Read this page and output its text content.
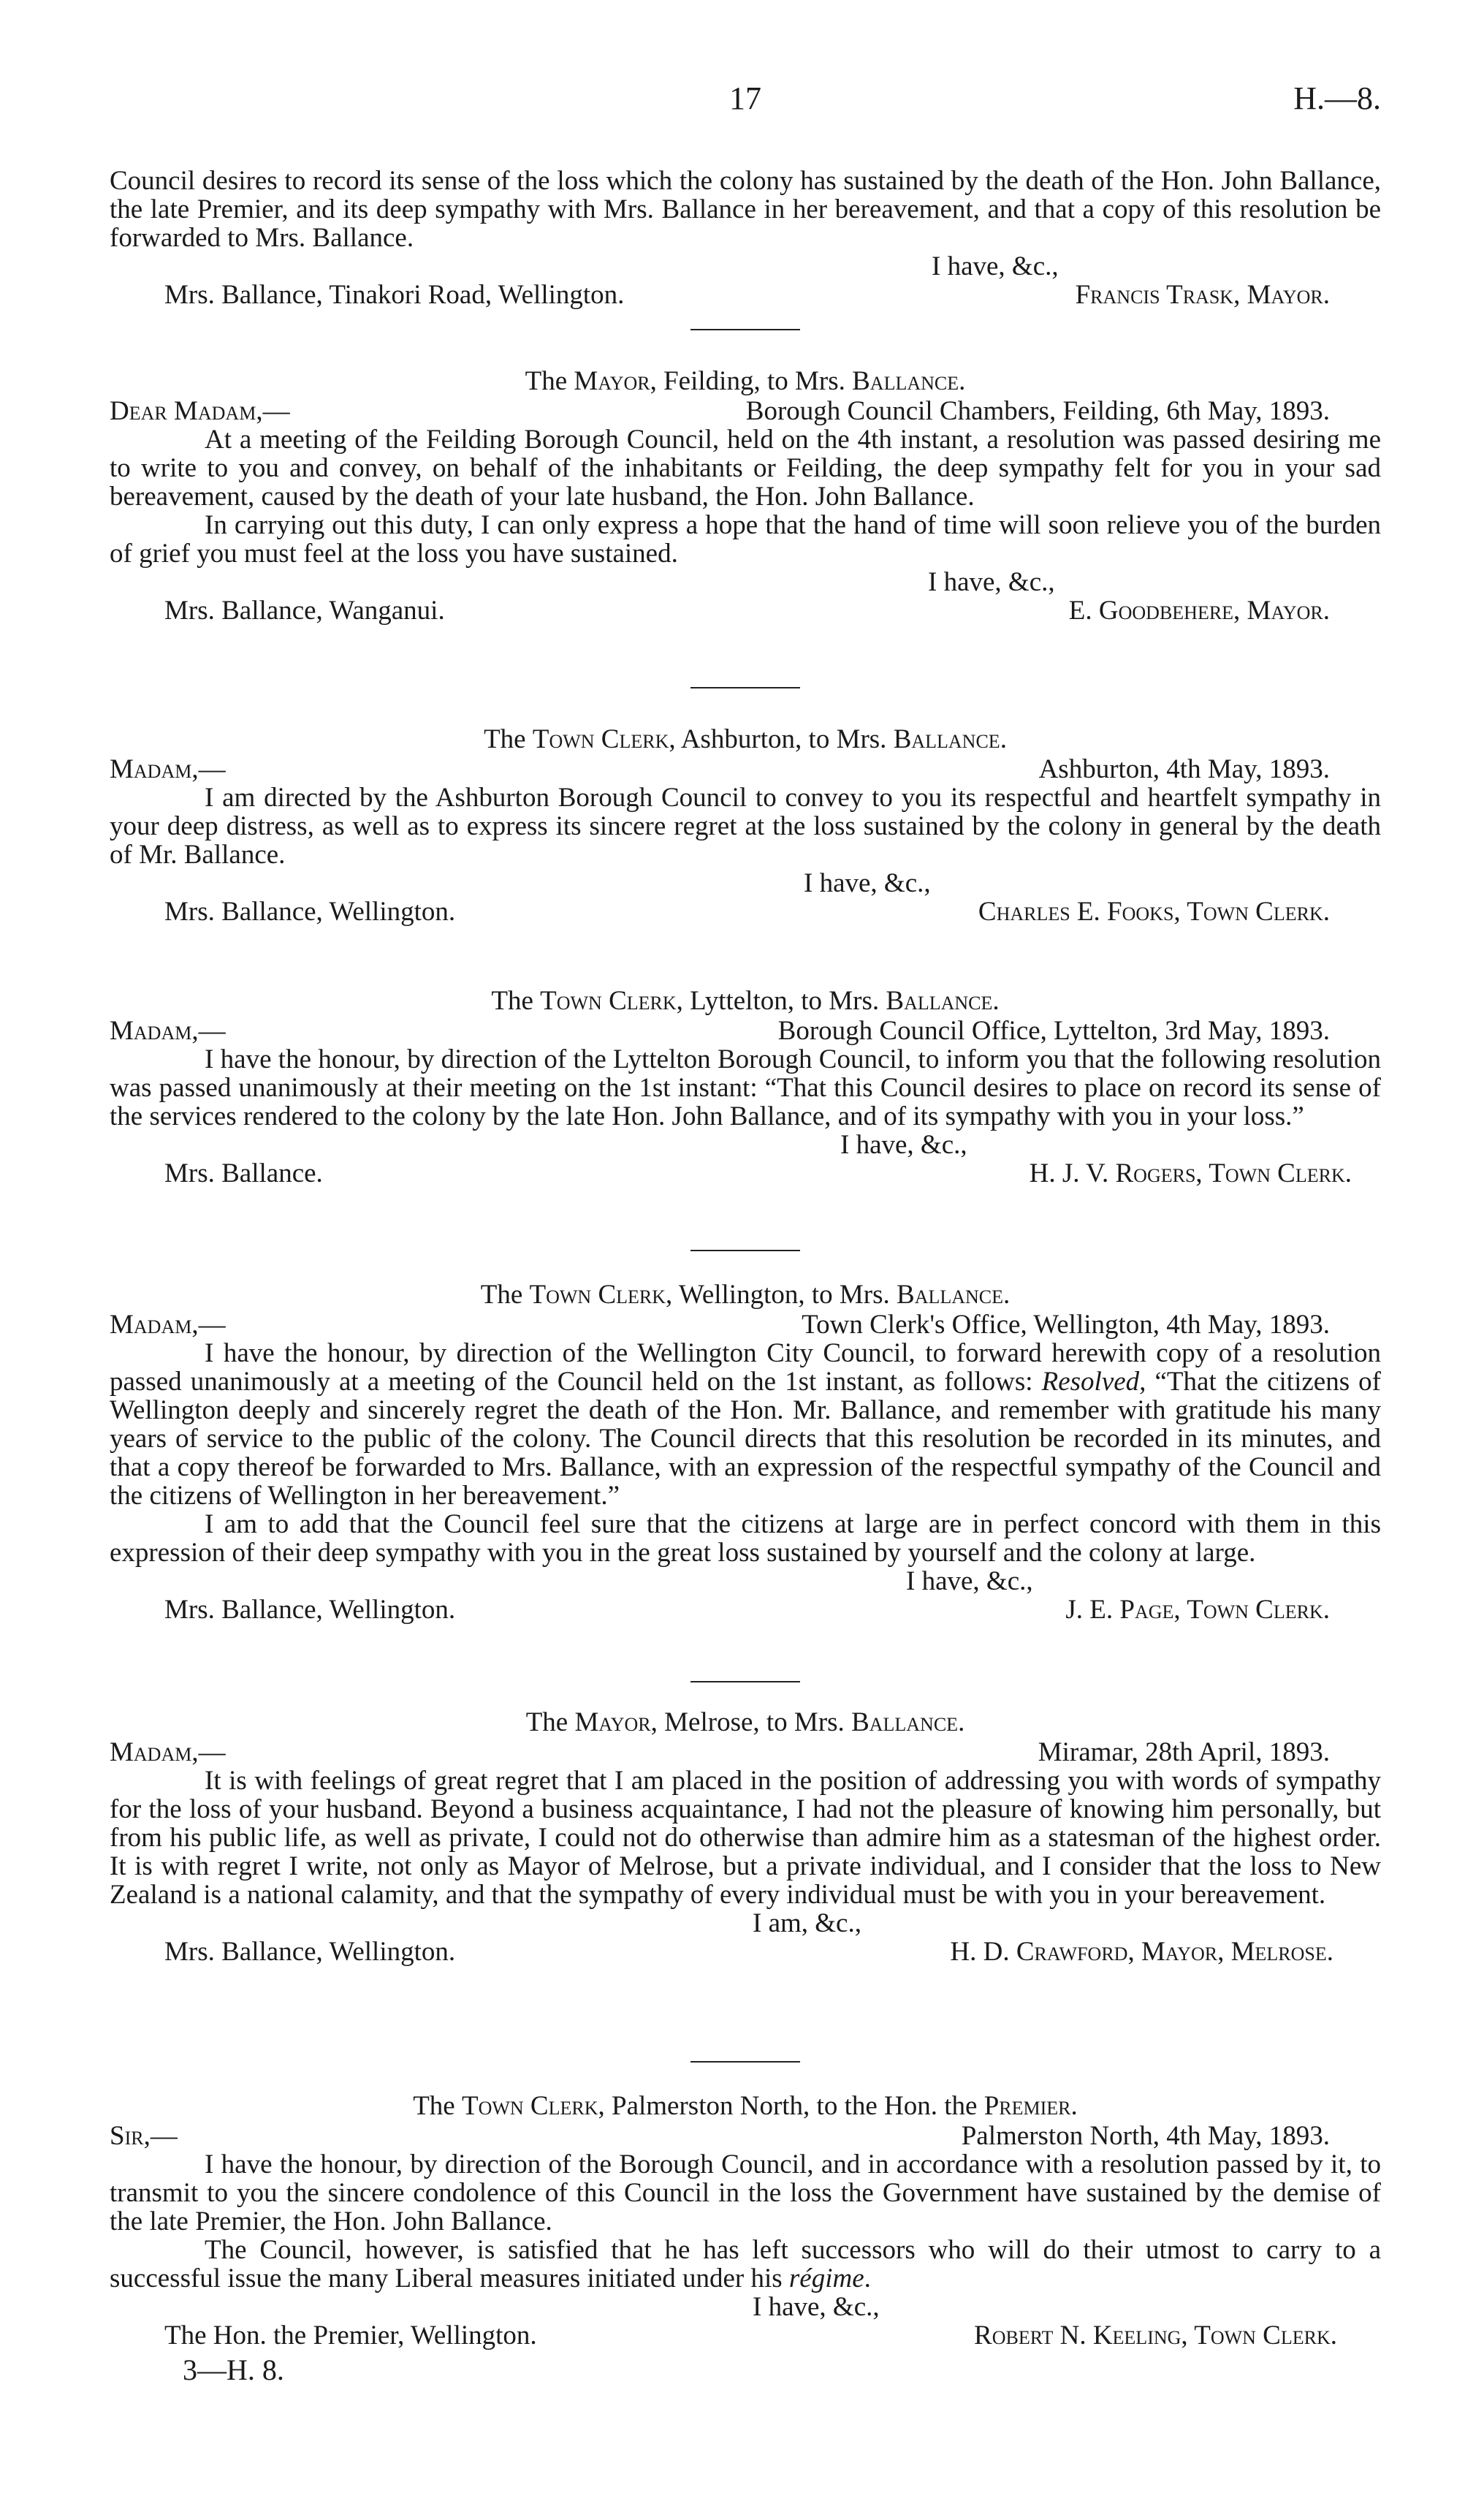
17	H.—8.

Council desires to record its sense of the loss which the colony has sustained by the death of the Hon. John Ballance, the late Premier, and its deep sympathy with Mrs. Ballance in her bereavement, and that a copy of this resolution be forwarded to Mrs. Ballance.

I have, &c.,
Mrs. Ballance, Tinakori Road, Wellington.	Francis Trask, Mayor.
The Mayor, Feilding, to Mrs. Ballance.
Dear Madam,—	Borough Council Chambers, Feilding, 6th May, 1893.

At a meeting of the Feilding Borough Council, held on the 4th instant, a resolution was passed desiring me to write to you and convey, on behalf of the inhabitants or Feilding, the deep sympathy felt for you in your sad bereavement, caused by the death of your late husband, the Hon. John Ballance.

In carrying out this duty, I can only express a hope that the hand of time will soon relieve you of the burden of grief you must feel at the loss you have sustained.

I have, &c.,
Mrs. Ballance, Wanganui.	E. Goodbehere, Mayor.
The Town Clerk, Ashburton, to Mrs. Ballance.
Madam,—	Ashburton, 4th May, 1893.

I am directed by the Ashburton Borough Council to convey to you its respectful and heartfelt sympathy in your deep distress, as well as to express its sincere regret at the loss sustained by the colony in general by the death of Mr. Ballance.

I have, &c.,
Mrs. Ballance, Wellington.	Charles E. Fooks, Town Clerk.
The Town Clerk, Lyttelton, to Mrs. Ballance.
Madam,—	Borough Council Office, Lyttelton, 3rd May, 1893.

I have the honour, by direction of the Lyttelton Borough Council, to inform you that the following resolution was passed unanimously at their meeting on the 1st instant: “That this Council desires to place on record its sense of the services rendered to the colony by the late Hon. John Ballance, and of its sympathy with you in your loss.”

I have, &c.,
Mrs. Ballance.	H. J. V. Rogers, Town Clerk.
The Town Clerk, Wellington, to Mrs. Ballance.
Madam,—	Town Clerk's Office, Wellington, 4th May, 1893.

I have the honour, by direction of the Wellington City Council, to forward herewith copy of a resolution passed unanimously at a meeting of the Council held on the 1st instant, as follows: Resolved, “That the citizens of Wellington deeply and sincerely regret the death of the Hon. Mr. Ballance, and remember with gratitude his many years of service to the public of the colony. The Council directs that this resolution be recorded in its minutes, and that a copy thereof be forwarded to Mrs. Ballance, with an expression of the respectful sympathy of the Council and the citizens of Wellington in her bereavement.”

I am to add that the Council feel sure that the citizens at large are in perfect concord with them in this expression of their deep sympathy with you in the great loss sustained by yourself and the colony at large.

I have, &c.,
Mrs. Ballance, Wellington.	J. E. Page, Town Clerk.
The Mayor, Melrose, to Mrs. Ballance.
Madam,—	Miramar, 28th April, 1893.

It is with feelings of great regret that I am placed in the position of addressing you with words of sympathy for the loss of your husband. Beyond a business acquaintance, I had not the pleasure of knowing him personally, but from his public life, as well as private, I could not do otherwise than admire him as a statesman of the highest order. It is with regret I write, not only as Mayor of Melrose, but a private individual, and I consider that the loss to New Zealand is a national calamity, and that the sympathy of every individual must be with you in your bereavement.

I am, &c.,
Mrs. Ballance, Wellington.	H. D. Crawford, Mayor, Melrose.
The Town Clerk, Palmerston North, to the Hon. the Premier.
Sir,—	Palmerston North, 4th May, 1893.

I have the honour, by direction of the Borough Council, and in accordance with a resolution passed by it, to transmit to you the sincere condolence of this Council in the loss the Government have sustained by the demise of the late Premier, the Hon. John Ballance.

The Council, however, is satisfied that he has left successors who will do their utmost to carry to a successful issue the many Liberal measures initiated under his régime.

I have, &c.,
The Hon. the Premier, Wellington.	Robert N. Keeling, Town Clerk.
3—H. 8.
